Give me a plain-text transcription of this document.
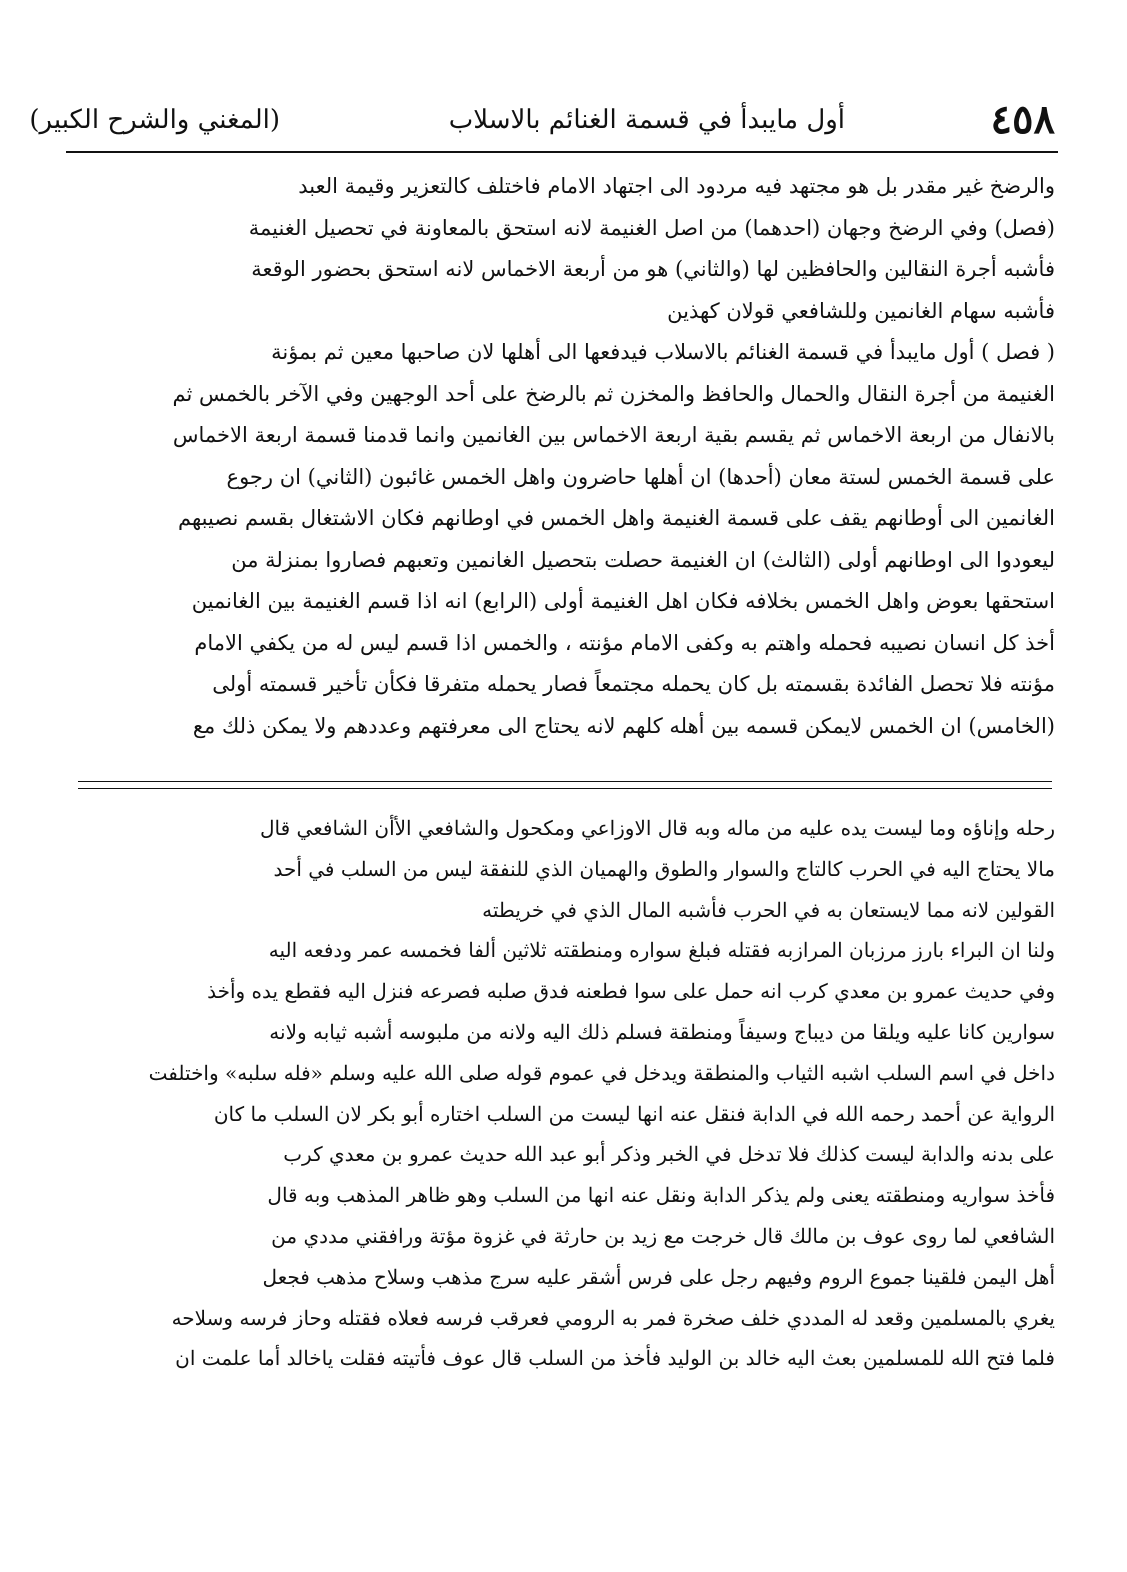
٤٥٨
أول مايبدأ في قسمة الغنائم بالاسلاب
(المغني والشرح الكبير)
والرضخ غير مقدر بل هو مجتهد فيه مردود الى اجتهاد الامام فاختلف كالتعزير وقيمة العبد
(فصل) وفي الرضخ وجهان (احدهما) من اصل الغنيمة لانه استحق بالمعاونة في تحصيل الغنيمة
فأشبه أجرة النقالين والحافظين لها (والثاني) هو من أربعة الاخماس لانه استحق بحضور الوقعة
فأشبه سهام الغانمين وللشافعي قولان كهذين
( فصل ) أول مايبدأ في قسمة الغنائم بالاسلاب فيدفعها الى أهلها لان صاحبها معين ثم بمؤنة
الغنيمة من أجرة النقال والحمال والحافظ والمخزن ثم بالرضخ على أحد الوجهين وفي الآخر بالخمس ثم
بالانفال من اربعة الاخماس ثم يقسم بقية اربعة الاخماس بين الغانمين وانما قدمنا قسمة اربعة الاخماس
على قسمة الخمس لستة معان (أحدها) ان أهلها حاضرون واهل الخمس غائبون (الثاني) ان رجوع
الغانمين الى أوطانهم يقف على قسمة الغنيمة واهل الخمس في اوطانهم فكان الاشتغال بقسم نصيبهم
ليعودوا الى اوطانهم أولى (الثالث) ان الغنيمة حصلت بتحصيل الغانمين وتعبهم فصاروا بمنزلة من
استحقها بعوض واهل الخمس بخلافه فكان اهل الغنيمة أولى (الرابع) انه اذا قسم الغنيمة بين الغانمين
أخذ كل انسان نصيبه فحمله واهتم به وكفى الامام مؤنته ، والخمس اذا قسم ليس له من يكفي الامام
مؤنته فلا تحصل الفائدة بقسمته بل كان يحمله مجتمعاً فصار يحمله متفرقا فكأن تأخير قسمته أولى
(الخامس) ان الخمس لايمكن قسمه بين أهله كلهم لانه يحتاج الى معرفتهم وعددهم ولا يمكن ذلك مع
رحله وإناؤه وما ليست يده عليه من ماله وبه قال الاوزاعي ومكحول والشافعي الأأن الشافعي قال
مالا يحتاج اليه في الحرب كالتاج والسوار والطوق والهميان الذي للنفقة ليس من السلب في أحد
القولين لانه مما لايستعان به في الحرب فأشبه المال الذي في خريطته
ولنا ان البراء بارز مرزبان المرازبه فقتله فبلغ سواره ومنطقته ثلاثين ألفا فخمسه عمر ودفعه اليه
وفي حديث عمرو بن معدي كرب انه حمل على سوا فطعنه فدق صلبه فصرعه فنزل اليه فقطع يده وأخذ
سوارين كانا عليه ويلقا من ديباج وسيفاً ومنطقة فسلم ذلك اليه ولانه من ملبوسه أشبه ثيابه ولانه
داخل في اسم السلب اشبه الثياب والمنطقة ويدخل في عموم قوله صلى الله عليه وسلم «فله سلبه» واختلفت
الرواية عن أحمد رحمه الله في الدابة فنقل عنه انها ليست من السلب اختاره أبو بكر لان السلب ما كان
على بدنه والدابة ليست كذلك فلا تدخل في الخبر وذكر أبو عبد الله حديث عمرو بن معدي كرب
فأخذ سواريه ومنطقته يعنى ولم يذكر الدابة ونقل عنه انها من السلب وهو ظاهر المذهب وبه قال
الشافعي لما روى عوف بن مالك قال خرجت مع زيد بن حارثة في غزوة مؤتة ورافقني مددي من
أهل اليمن فلقينا جموع الروم وفيهم رجل على فرس أشقر عليه سرج مذهب وسلاح مذهب فجعل
يغري بالمسلمين وقعد له المددي خلف صخرة فمر به الرومي فعرقب فرسه فعلاه فقتله وحاز فرسه وسلاحه
فلما فتح الله للمسلمين بعث اليه خالد بن الوليد فأخذ من السلب قال عوف فأتيته فقلت ياخالد أما علمت ان
